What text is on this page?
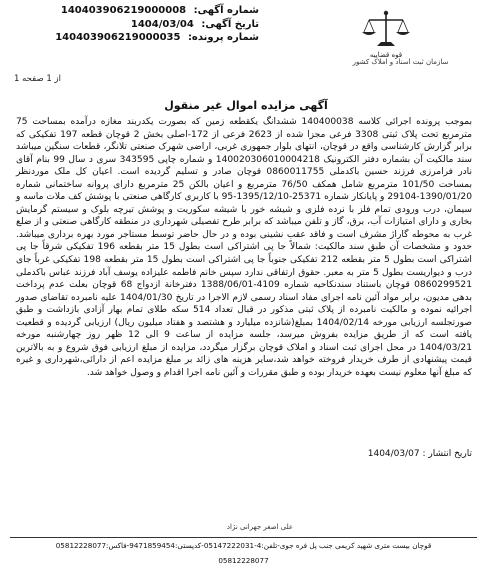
شماره آگهی: 140403906219000008
تاریخ آگهی: 1404/03/04
شماره پرونده: 140403906219000035
قوه قضاییه
سازمان ثبت اسناد و املاک کشور
1 از 1 صفحه
آگهی مزایده اموال غیر منقول

بموجب پرونده اجرائی کلاسه 140400038 ششدانگ یکقطعه زمین که بصورت یکدربند مغازه درآمده بمساحت 75 مترمربع تحت پلاک ثبتی 3308 فرعی مجزا شده از 2623 فرعی از 172-اصلی بخش 2 قوچان قطعه 197 تفکیکی که برابر گزارش کارشناسی واقع در قوچان، انتهای بلوار جمهوری غربی، اراضی شهرک صنعتی تلانگر، قطعات سنگین میباشد سند مالکیت آن بشماره دفتر الکترونیک 140020306010004218 و شماره چاپی 343595 سری د سال 99 بنام آقای نادر فرامرزی فرزند حسین باکدملی 0860011755 قوچان صادر و تسلیم گردیده است. اعیان کل ملک موردنظر بمساحت 101/50 مترمربع شامل همکف 76/50 مترمربع و اعیان بالکن 25 مترمربع دارای پروانه ساختمانی شماره 1390/01/20-29104 و پایانکار شماره 25371-1395/12/10-95 با کاربری کارگاهی صنعتی با پوشش کف ملات ماسه و سیمان، درب ورودی تمام فلز با نرده فلزی و شیشه خور با شیشه سکوریت و پوشش تیرچه بلوک و سیستم گرمایش بخاری و دارای امتیازات آب، برق، گاز و تلفن میباشد که برابر طرح تفصیلی شهرداری در منطقه کارگاهی صنعتی و از ضلع غرب به محوطه گاراژ مشرف است و فاقد عقب نشینی بوده و در حال حاضر توسط مستاجر مورد بهره برداری میباشد. حدود و مشخصات آن طبق سند مالکیت: شمالاً جا پی اشتراکی است بطول 15 متر بقطعه 196 تفکیکی شرقاً جا پی اشتراکی است بطول 5 متر بقطعه 212 تفکیکی جنوباً جا پی اشتراکی است بطول 15 متر بقطعه 198 تفکیکی غرباً جای درب و دیواریست بطول 5 متر به معبر. حقوق ارتفاقی ندارد سپس خانم فاطمه علیزاده یوسف آباد فرزند عباس باکدملی 0860299521 قوچان باستناد سندنکاحیه شماره 4109-1388/06/01 دفترخانة ازدواج 68 قوچان بعلت عدم پرداخت بدهی مدیون، برابر مواد آئین نامه اجرای مفاد اسناد رسمی لازم الاجرا در تاریخ 1404/01/30 علیه نامبرده تقاضای صدور اجرائیه نموده و مالکیت نامبرده از پلاک ثبتی مذکور در قبال تعداد 514 سکه طلای تمام بهار آزادی بازداشت و طبق صورتجلسه ارزیابی مورخه 1404/02/14 بمبلغ(شانزده میلیارد و هشتصد و هفتاد میلیون ریال) ارزیابی گردیده و قطعیت یافته است که از طریق مزایده بفروش میرسد، جلسه مزایده از ساعت 9 الی 12 ظهر روز چهارشنبه مورخه 1404/03/21 در محل اجرای ثبت اسناد و املاک قوچان برگزار میگردد، مزایده از مبلغ ارزیابی فوق شروع و به بالاترین قیمت پیشنهادی از طرف خریدار فروخته خواهد شد،سایر هزینه های زائد بر مبلغ مزایده اعم از دارائی،شهرداری و غیره که مبلغ آنها معلوم نیست بعهده خریدار بوده و طبق مقررات و آئین نامه اجرا اقدام و وصول خواهد شد.

تاریخ انتشار : 1404/03/07
علی اصغر جهرانی نژاد
قوچان بیست متری شهید کریمی جنب پل فره جوی-تلفن:4-05147222031-کدپستی:9471859454-فاکس:05812228077
05812228077
